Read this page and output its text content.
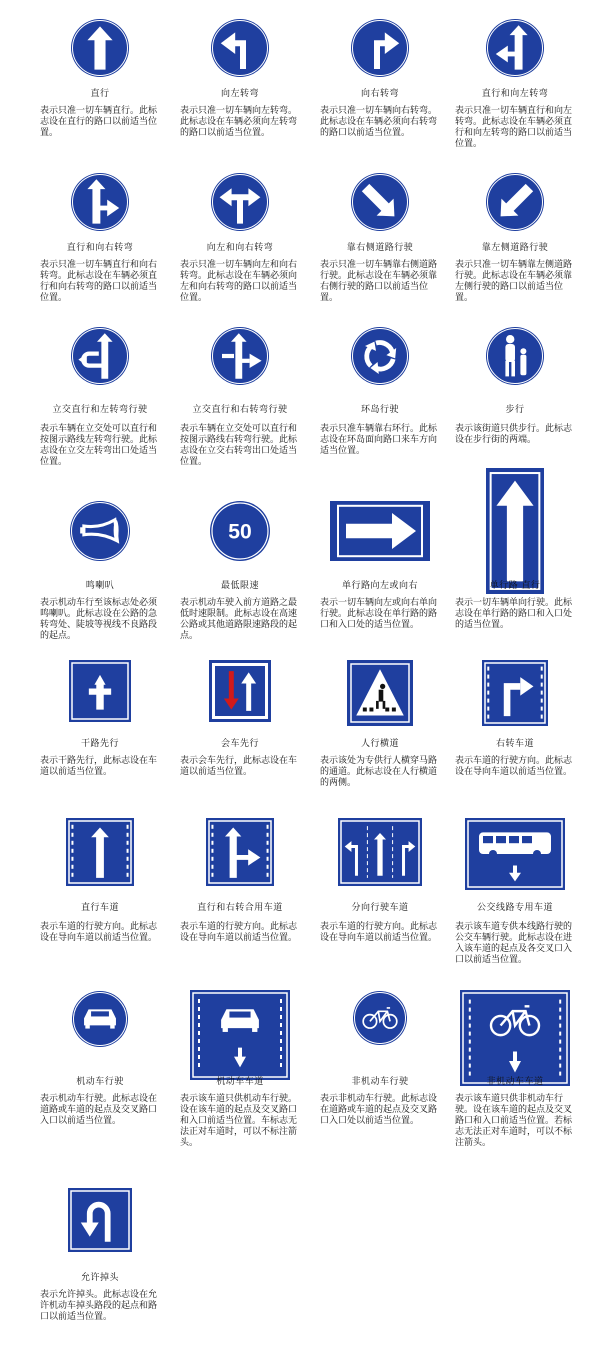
直行
表示只准一切车辆直行。此标志设在直行的路口以前适当位置。
向左转弯
表示只准一切车辆向左转弯。此标志设在车辆必须向左转弯的路口以前适当位置。
向右转弯
表示只准一切车辆向右转弯。此标志设在车辆必须向右转弯的路口以前适当位置。
直行和向左转弯
表示只准一切车辆直行和向左转弯。此标志设在车辆必须直行和向左转弯的路口以前适当位置。
直行和向右转弯
表示只准一切车辆直行和向右转弯。此标志设在车辆必须直行和向右转弯的路口以前适当位置。
向左和向右转弯
表示只准一切车辆向左和向右转弯。此标志设在车辆必须向左和向右转弯的路口以前适当位置。
靠右侧道路行驶
表示只准一切车辆靠右侧道路行驶。此标志设在车辆必须靠右侧行驶的路口以前适当位置。
靠左侧道路行驶
表示只准一切车辆靠左侧道路行驶。此标志设在车辆必须靠左侧行驶的路口以前适当位置。
立交直行和左转弯行驶
表示车辆在立交处可以直行和按图示路线左转弯行驶。此标志设在立交左转弯出口处适当位置。
立交直行和右转弯行驶
表示车辆在立交处可以直行和按图示路线右转弯行驶。此标志设在立交右转弯出口处适当位置。
环岛行驶
表示只准车辆靠右环行。此标志设在环岛面向路口来车方向适当位置。
步行
表示该街道只供步行。此标志设在步行街的两端。
鸣喇叭
表示机动车行至该标志处必须鸣喇叭。此标志设在公路的急转弯处、陡坡等视线不良路段的起点。
50
最低限速
表示机动车驶入前方道路之最低时速限制。此标志设在高速公路或其他道路限速路段的起点。
单行路向左或向右
表示一切车辆向左或向右单向行驶。此标志设在单行路的路口和入口处的适当位置。
单行路 直行
表示一切车辆单向行驶。此标志设在单行路的路口和入口处的适当位置。
干路先行
表示干路先行，此标志设在车道以前适当位置。
会车先行
表示会车先行，此标志设在车道以前适当位置。
人行横道
表示该处为专供行人横穿马路的通道。此标志设在人行横道的两侧。
右转车道
表示车道的行驶方向。此标志设在导向车道以前适当位置。
直行车道
表示车道的行驶方向。此标志设在导向车道以前适当位置。
直行和右转合用车道
表示车道的行驶方向。此标志设在导向车道以前适当位置。
分向行驶车道
表示车道的行驶方向。此标志设在导向车道以前适当位置。
公交线路专用车道
表示该车道专供本线路行驶的公交车辆行驶。此标志设在进入该车道的起点及各交叉口入口以前适当位置。
机动车行驶
表示机动车行驶。此标志设在道路或车道的起点及交叉路口入口以前适当位置。
机动车车道
表示该车道只供机动车行驶。设在该车道的起点及交叉路口和入口前适当位置。车标志无法正对车道时，可以不标注箭头。
非机动车行驶
表示非机动车行驶。此标志设在道路或车道的起点及交叉路口入口处以前适当位置。
非机动车车道
表示该车道只供非机动车行驶。设在该车道的起点及交叉路口和入口前适当位置。若标志无法正对车道时，可以不标注箭头。
允许掉头
表示允许掉头。此标志设在允许机动车掉头路段的起点和路口以前适当位置。
